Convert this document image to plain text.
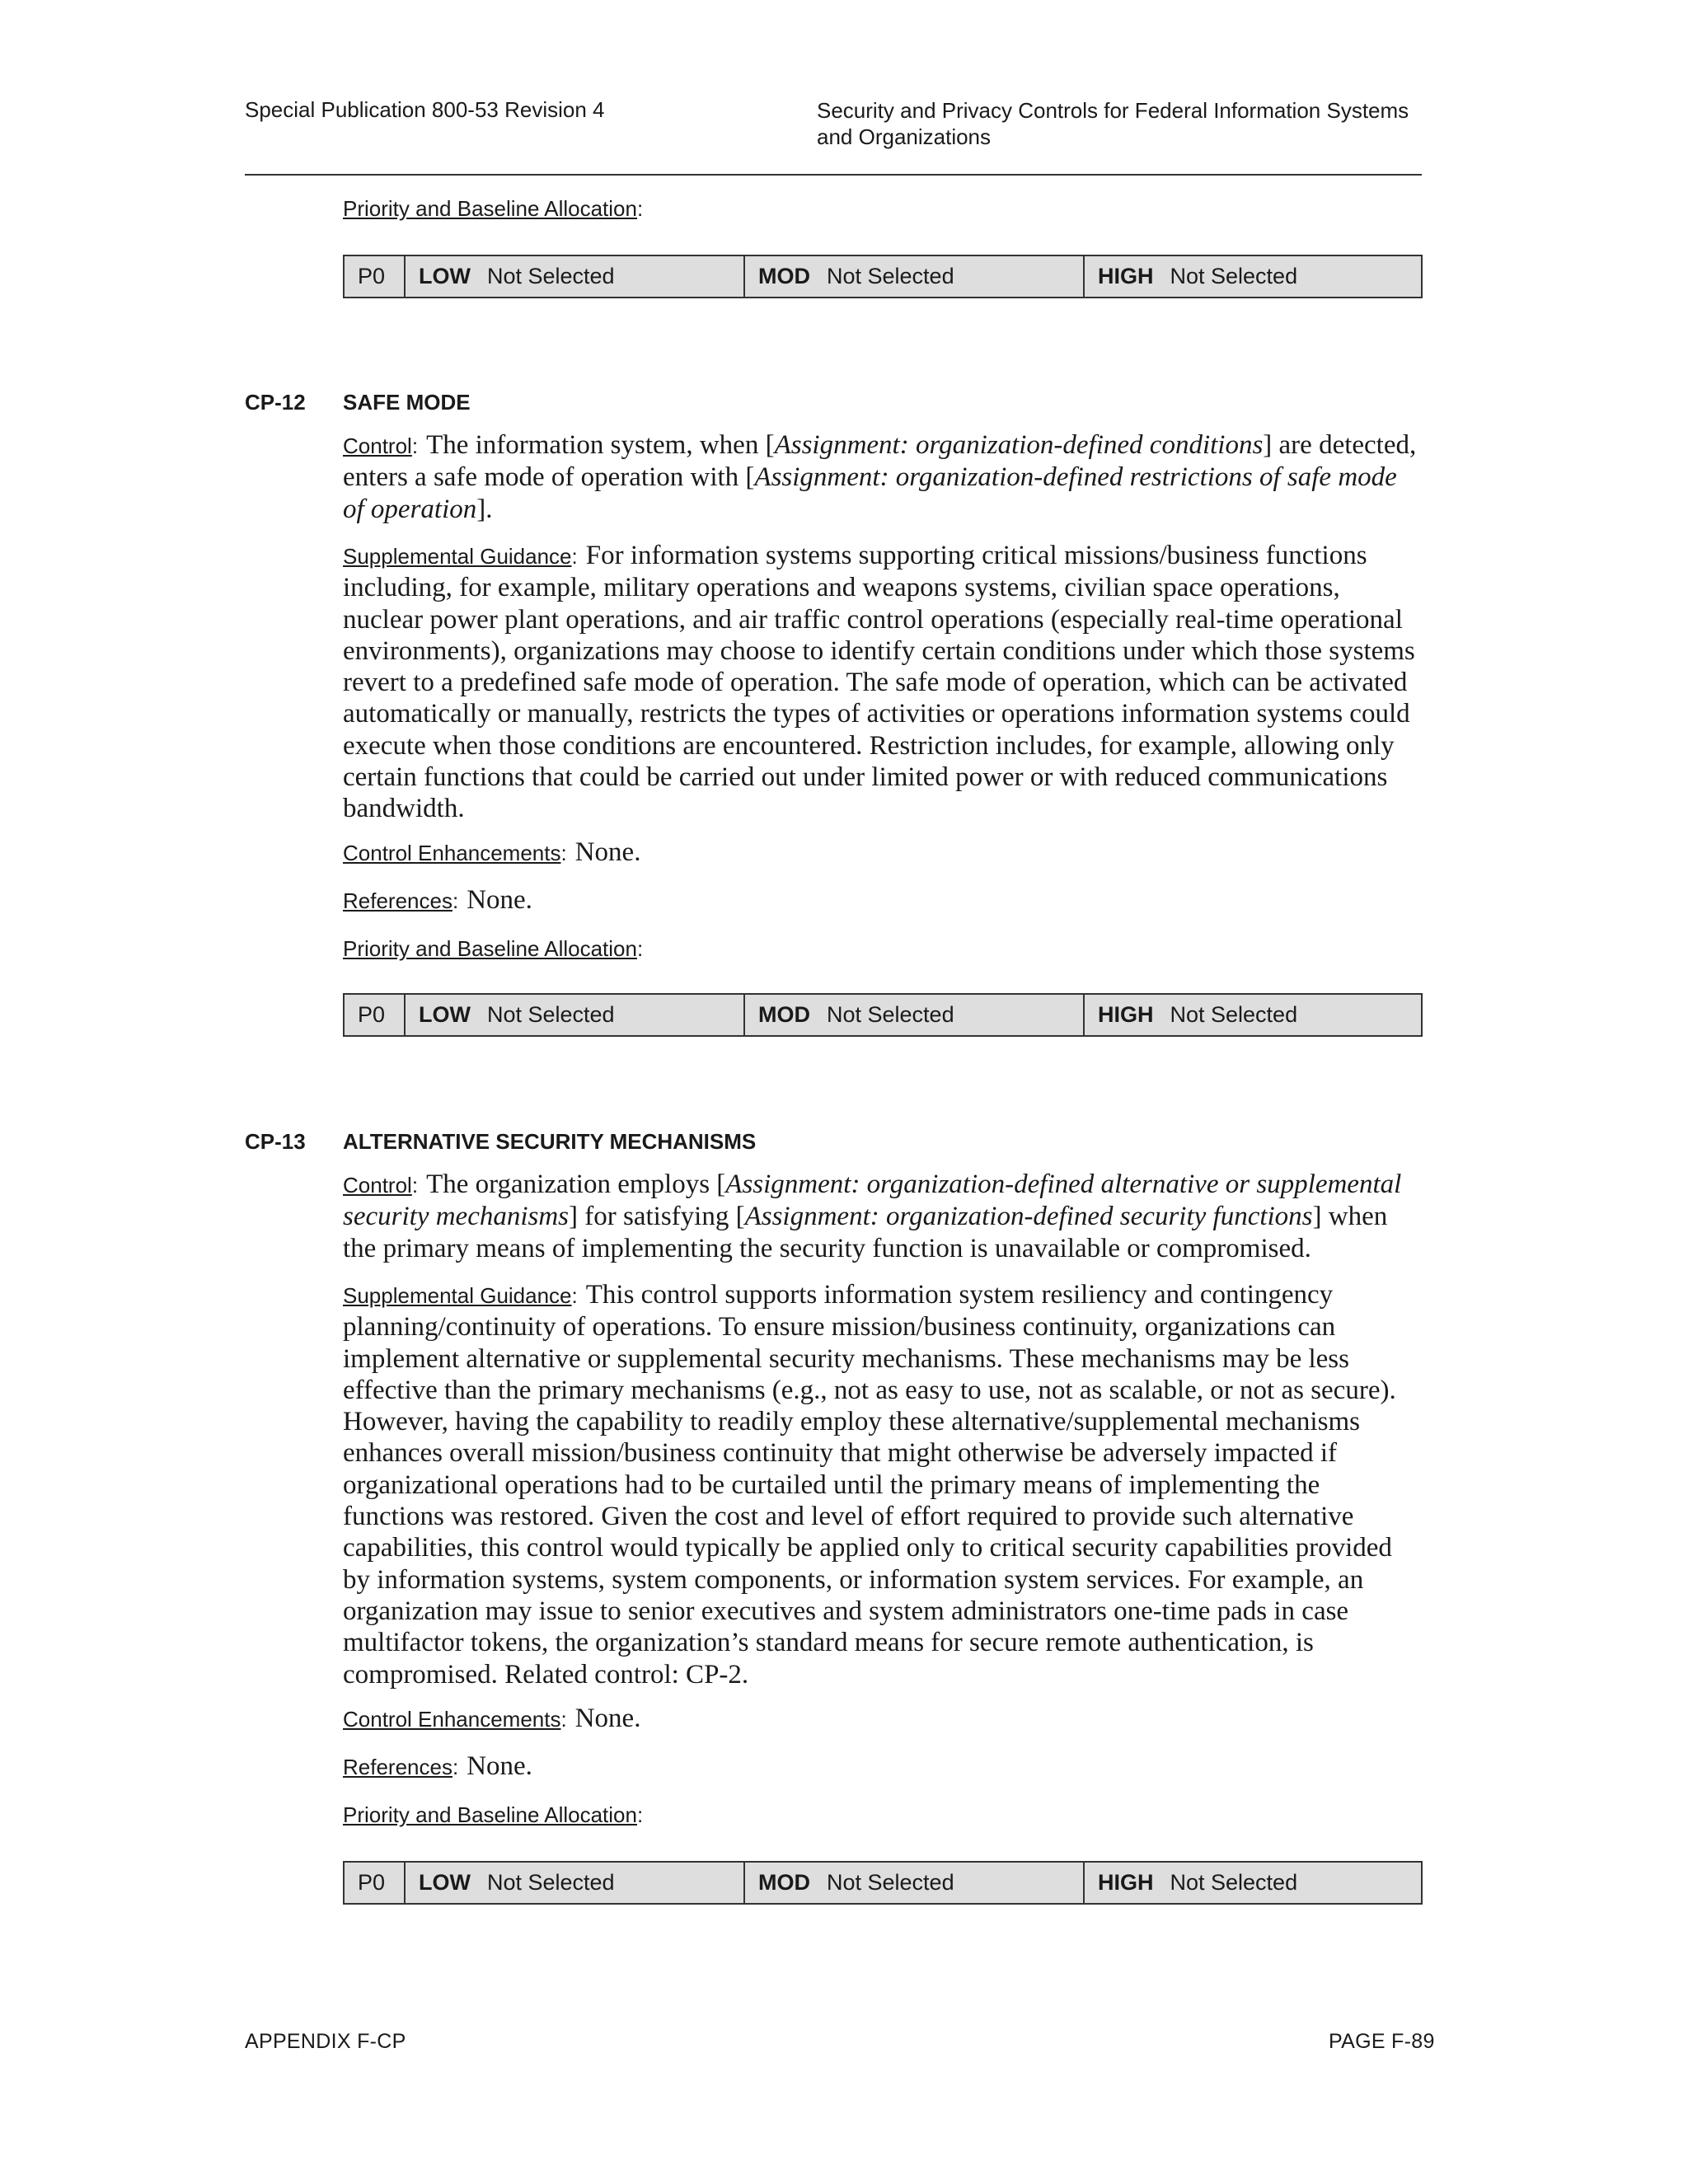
Special Publication 800-53 Revision 4	Security and Privacy Controls for Federal Information Systems
and Organizations
Priority and Baseline Allocation:
P0	LOW Not Selected	MOD Not Selected	HIGH Not Selected
CP-12 SAFE MODE

Control: The information system, when [Assignment: organization-defined conditions] are detected, enters a safe mode of operation with [Assignment: organization-defined restrictions of safe mode of operation].

Supplemental Guidance: For information systems supporting critical missions/business functions including, for example, military operations and weapons systems, civilian space operations, nuclear power plant operations, and air traffic control operations (especially real-time operational environments), organizations may choose to identify certain conditions under which those systems revert to a predefined safe mode of operation. The safe mode of operation, which can be activated automatically or manually, restricts the types of activities or operations information systems could execute when those conditions are encountered. Restriction includes, for example, allowing only certain functions that could be carried out under limited power or with reduced communications bandwidth.

Control Enhancements: None.

References: None.

Priority and Baseline Allocation:
P0	LOW Not Selected	MOD Not Selected	HIGH Not Selected
CP-13 ALTERNATIVE SECURITY MECHANISMS

Control: The organization employs [Assignment: organization-defined alternative or supplemental security mechanisms] for satisfying [Assignment: organization-defined security functions] when the primary means of implementing the security function is unavailable or compromised.

Supplemental Guidance: This control supports information system resiliency and contingency planning/continuity of operations. To ensure mission/business continuity, organizations can implement alternative or supplemental security mechanisms. These mechanisms may be less effective than the primary mechanisms (e.g., not as easy to use, not as scalable, or not as secure). However, having the capability to readily employ these alternative/supplemental mechanisms enhances overall mission/business continuity that might otherwise be adversely impacted if organizational operations had to be curtailed until the primary means of implementing the functions was restored. Given the cost and level of effort required to provide such alternative capabilities, this control would typically be applied only to critical security capabilities provided by information systems, system components, or information system services. For example, an organization may issue to senior executives and system administrators one-time pads in case multifactor tokens, the organization’s standard means for secure remote authentication, is compromised. Related control: CP-2.

Control Enhancements: None.

References: None.

Priority and Baseline Allocation:
P0	LOW Not Selected	MOD Not Selected	HIGH Not Selected
APPENDIX F-CP	PAGE F-89
